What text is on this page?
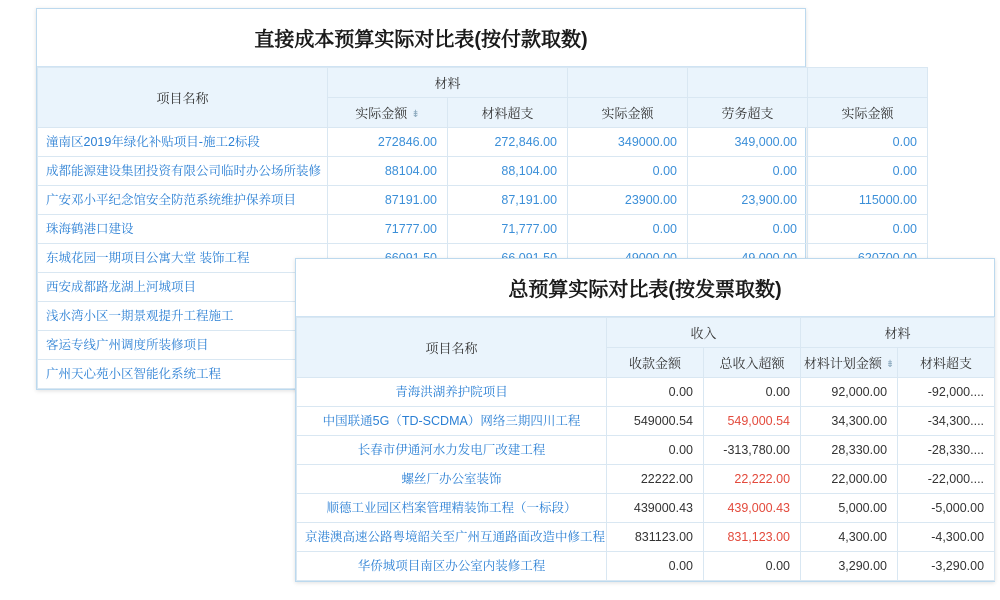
直接成本预算实际对比表(按付款取数)
项目名称	材料				
	实际金额 ⇟	材料超支	实际金额	劳务超支	实际金额

潼南区2019年绿化补贴项目-施工2标段	272846.00	272,846.00	349000.00	349,000.00	0.00

成都能源建设集团投资有限公司临时办公场所装修	88104.00	88,104.00	0.00	0.00	0.00

广安邓小平纪念馆安全防范系统维护保养项目	87191.00	87,191.00	23900.00	23,900.00	115000.00

珠海鹤港口建设	71777.00	71,777.00	0.00	0.00	0.00

东城花园一期项目公寓大堂 装饰工程

西安成都路龙湖上河城项目					

浅水湾小区一期景观提升工程施工					

客运专线广州调度所装修项目					

广州天心苑小区智能化系统工程					

总预算实际对比表(按发票取数)
项目名称	收入		材料	
	收款金额	总收入超额	材料计划金额 ⇟	材料超支

青海洪湖养护院项目	0.00	0.00	92,000.00	-92,000....

中国联通5G（TD-SCDMA）网络三期四川工程	549000.54	549,000.54	34,300.00	-34,300....

长春市伊通河水力发电厂改建工程	0.00	-313,780.00	28,330.00	-28,330....

螺丝厂办公室装饰	22222.00	22,222.00	22,000.00	-22,000....

顺德工业园区档案管理精装饰工程（一标段）	439000.43	439,000.43	5,000.00	-5,000.00

京港澳高速公路粤境韶关至广州互通路面改造中修工程	831123.00	831,123.00	4,300.00	-4,300.00

华侨城项目南区办公室内装修工程	0.00	0.00	3,290.00	-3,290.00
